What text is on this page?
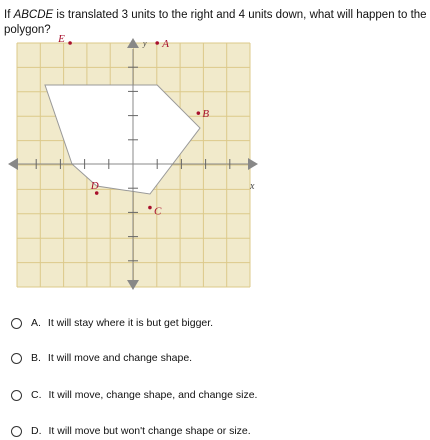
If ABCDE is translated 3 units to the right and 4 units down, what will happen to the polygon?
A
B
C
D
E
x
y
A. It will stay where it is but get bigger.
B. It will move and change shape.
C. It will move, change shape, and change size.
D. It will move but won't change shape or size.
